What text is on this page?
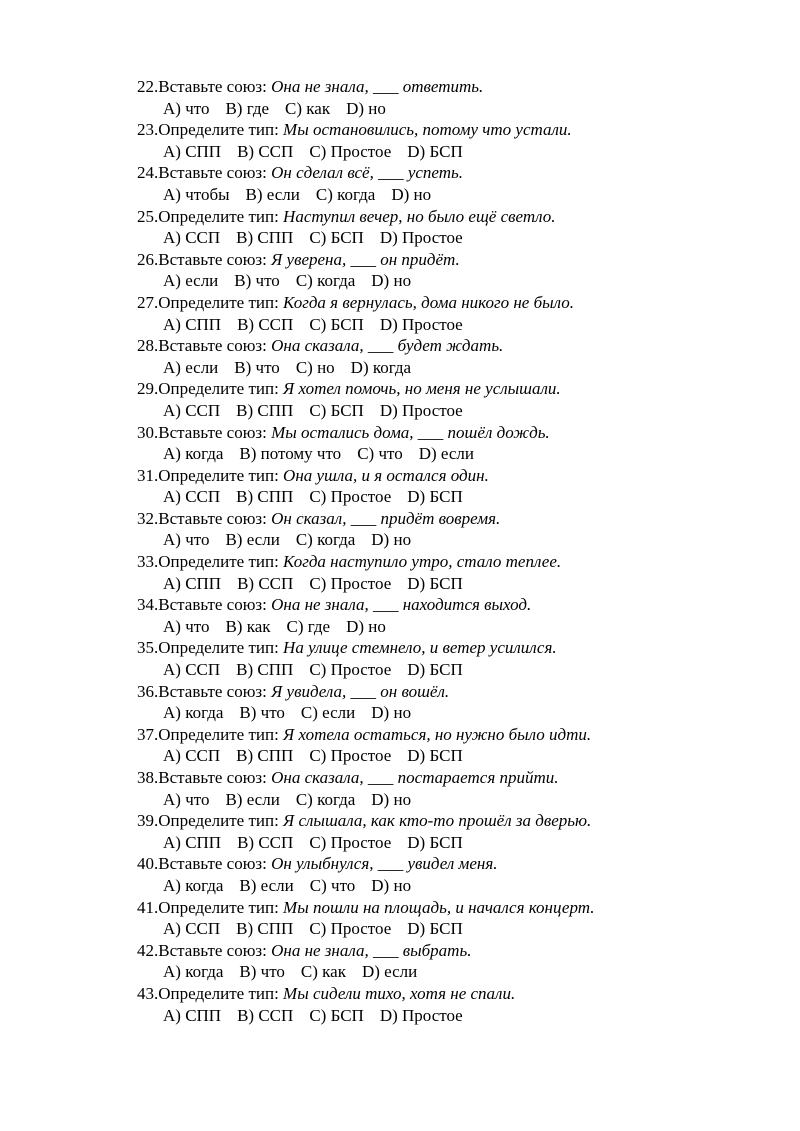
22.Вставьте союз: Она не знала, ___ ответить.
A) что B) где C) как D) но
23.Определите тип: Мы остановились, потому что устали.
A) СПП B) ССП C) Простое D) БСП
24.Вставьте союз: Он сделал всё, ___ успеть.
A) чтобы B) если C) когда D) но
25.Определите тип: Наступил вечер, но было ещё светло.
A) ССП B) СПП C) БСП D) Простое
26.Вставьте союз: Я уверена, ___ он придёт.
A) если B) что C) когда D) но
27.Определите тип: Когда я вернулась, дома никого не было.
A) СПП B) ССП C) БСП D) Простое
28.Вставьте союз: Она сказала, ___ будет ждать.
A) если B) что C) но D) когда
29.Определите тип: Я хотел помочь, но меня не услышали.
A) ССП B) СПП C) БСП D) Простое
30.Вставьте союз: Мы остались дома, ___ пошёл дождь.
A) когда B) потому что C) что D) если
31.Определите тип: Она ушла, и я остался один.
A) ССП B) СПП C) Простое D) БСП
32.Вставьте союз: Он сказал, ___ придёт вовремя.
A) что B) если C) когда D) но
33.Определите тип: Когда наступило утро, стало теплее.
A) СПП B) ССП C) Простое D) БСП
34.Вставьте союз: Она не знала, ___ находится выход.
A) что B) как C) где D) но
35.Определите тип: На улице стемнело, и ветер усилился.
A) ССП B) СПП C) Простое D) БСП
36.Вставьте союз: Я увидела, ___ он вошёл.
A) когда B) что C) если D) но
37.Определите тип: Я хотела остаться, но нужно было идти.
A) ССП B) СПП C) Простое D) БСП
38.Вставьте союз: Она сказала, ___ постарается прийти.
A) что B) если C) когда D) но
39.Определите тип: Я слышала, как кто-то прошёл за дверью.
A) СПП B) ССП C) Простое D) БСП
40.Вставьте союз: Он улыбнулся, ___ увидел меня.
A) когда B) если C) что D) но
41.Определите тип: Мы пошли на площадь, и начался концерт.
A) ССП B) СПП C) Простое D) БСП
42.Вставьте союз: Она не знала, ___ выбрать.
A) когда B) что C) как D) если
43.Определите тип: Мы сидели тихо, хотя не спали.
A) СПП B) ССП C) БСП D) Простое
